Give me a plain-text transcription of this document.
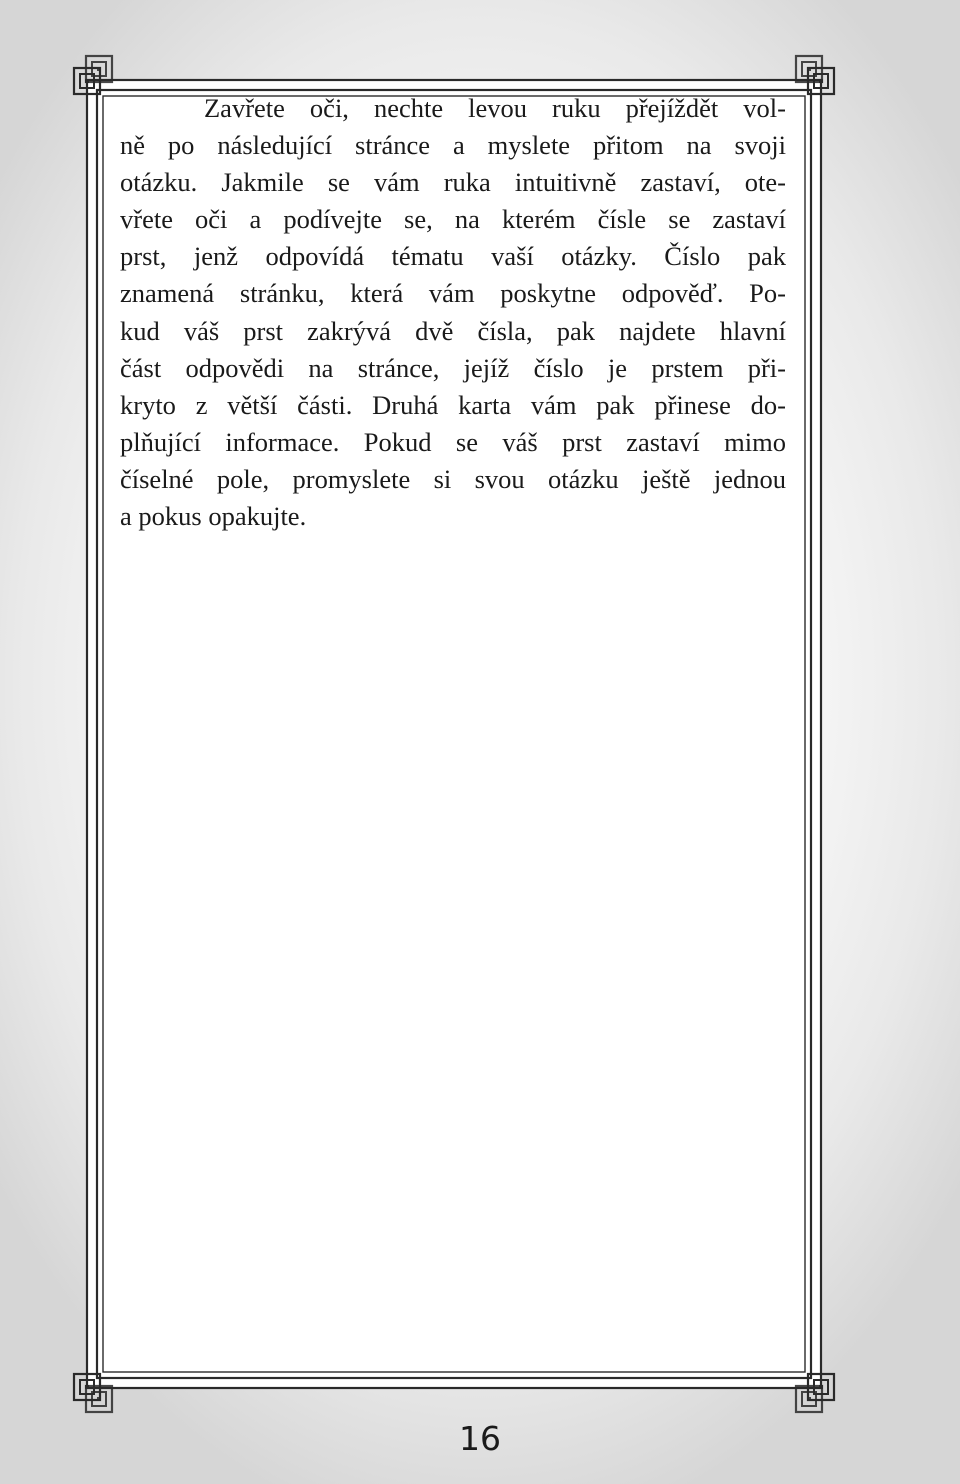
Zavřete oči, nechte levou ruku přejíždět vol-
ně po následující stránce a myslete přitom na svoji
otázku. Jakmile se vám ruka intuitivně zastaví, ote-
vřete oči a podívejte se, na kterém čísle se zastaví
prst, jenž odpovídá tématu vaší otázky. Číslo pak
znamená stránku, která vám poskytne odpověď. Po-
kud váš prst zakrývá dvě čísla, pak najdete hlavní
část odpovědi na stránce, jejíž číslo je prstem při-
kryto z větší části. Druhá karta vám pak přinese do-
plňující informace. Pokud se váš prst zastaví mimo
číselné pole, promyslete si svou otázku ještě jednou
a pokus opakujte.
16
